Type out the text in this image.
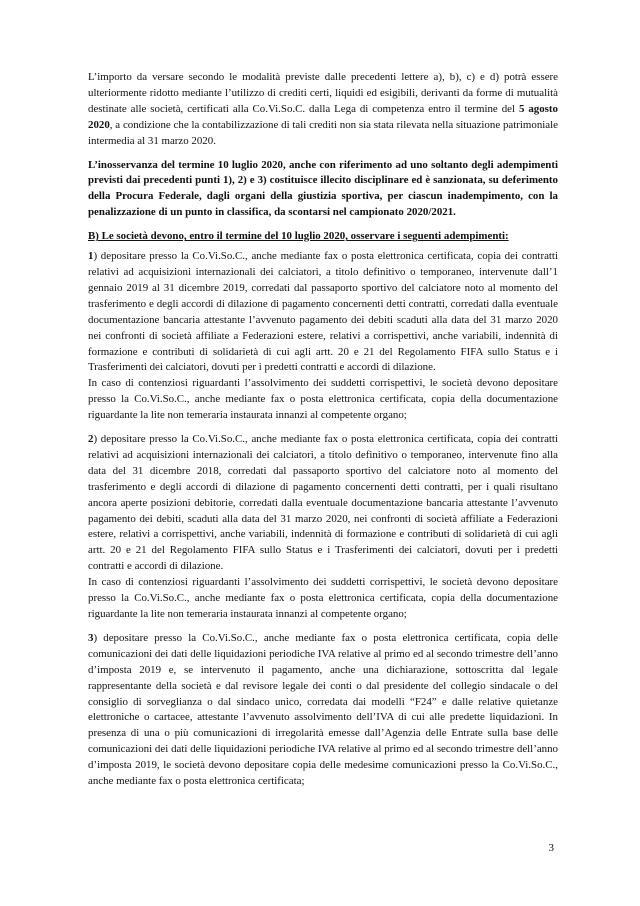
L’importo da versare secondo le modalità previste dalle precedenti lettere a), b), c) e d) potrà essere ulteriormente ridotto mediante l’utilizzo di crediti certi, liquidi ed esigibili, derivanti da forme di mutualità destinate alle società, certificati alla Co.Vi.So.C. dalla Lega di competenza entro il termine del 5 agosto 2020, a condizione che la contabilizzazione di tali crediti non sia stata rilevata nella situazione patrimoniale intermedia al 31 marzo 2020.

L’inosservanza del termine 10 luglio 2020, anche con riferimento ad uno soltanto degli adempimenti previsti dai precedenti punti 1), 2) e 3) costituisce illecito disciplinare ed è sanzionata, su deferimento della Procura Federale, dagli organi della giustizia sportiva, per ciascun inadempimento, con la penalizzazione di un punto in classifica, da scontarsi nel campionato 2020/2021.

B) Le società devono, entro il termine del 10 luglio 2020, osservare i seguenti adempimenti:

1) depositare presso la Co.Vi.So.C., anche mediante fax o posta elettronica certificata, copia dei contratti relativi ad acquisizioni internazionali dei calciatori, a titolo definitivo o temporaneo, intervenute dall’1 gennaio 2019 al 31 dicembre 2019, corredati dal passaporto sportivo del calciatore noto al momento del trasferimento e degli accordi di dilazione di pagamento concernenti detti contratti, corredati dalla eventuale documentazione bancaria attestante l’avvenuto pagamento dei debiti scaduti alla data del 31 marzo 2020 nei confronti di società affiliate a Federazioni estere, relativi a corrispettivi, anche variabili, indennità di formazione e contributi di solidarietà di cui agli artt. 20 e 21 del Regolamento FIFA sullo Status e i Trasferimenti dei calciatori, dovuti per i predetti contratti e accordi di dilazione.

In caso di contenziosi riguardanti l’assolvimento dei suddetti corrispettivi, le società devono depositare presso la Co.Vi.So.C., anche mediante fax o posta elettronica certificata, copia della documentazione riguardante la lite non temeraria instaurata innanzi al competente organo;

2) depositare presso la Co.Vi.So.C., anche mediante fax o posta elettronica certificata, copia dei contratti relativi ad acquisizioni internazionali dei calciatori, a titolo definitivo o temporaneo, intervenute fino alla data del 31 dicembre 2018, corredati dal passaporto sportivo del calciatore noto al momento del trasferimento e degli accordi di dilazione di pagamento concernenti detti contratti, per i quali risultano ancora aperte posizioni debitorie, corredati dalla eventuale documentazione bancaria attestante l’avvenuto pagamento dei debiti, scaduti alla data del 31 marzo 2020, nei confronti di società affiliate a Federazioni estere, relativi a corrispettivi, anche variabili, indennità di formazione e contributi di solidarietà di cui agli artt. 20 e 21 del Regolamento FIFA sullo Status e i Trasferimenti dei calciatori, dovuti per i predetti contratti e accordi di dilazione.

In caso di contenziosi riguardanti l’assolvimento dei suddetti corrispettivi, le società devono depositare presso la Co.Vi.So.C., anche mediante fax o posta elettronica certificata, copia della documentazione riguardante la lite non temeraria instaurata innanzi al competente organo;

3) depositare presso la Co.Vi.So.C., anche mediante fax o posta elettronica certificata, copia delle comunicazioni dei dati delle liquidazioni periodiche IVA relative al primo ed al secondo trimestre dell’anno d’imposta 2019 e, se intervenuto il pagamento, anche una dichiarazione, sottoscritta dal legale rappresentante della società e dal revisore legale dei conti o dal presidente del collegio sindacale o del consiglio di sorveglianza o dal sindaco unico, corredata dai modelli “F24” e dalle relative quietanze elettroniche o cartacee, attestante l’avvenuto assolvimento dell’IVA di cui alle predette liquidazioni. In presenza di una o più comunicazioni di irregolarità emesse dall’Agenzia delle Entrate sulla base delle comunicazioni dei dati delle liquidazioni periodiche IVA relative al primo ed al secondo trimestre dell’anno d’imposta 2019, le società devono depositare copia delle medesime comunicazioni presso la Co.Vi.So.C., anche mediante fax o posta elettronica certificata;

3
